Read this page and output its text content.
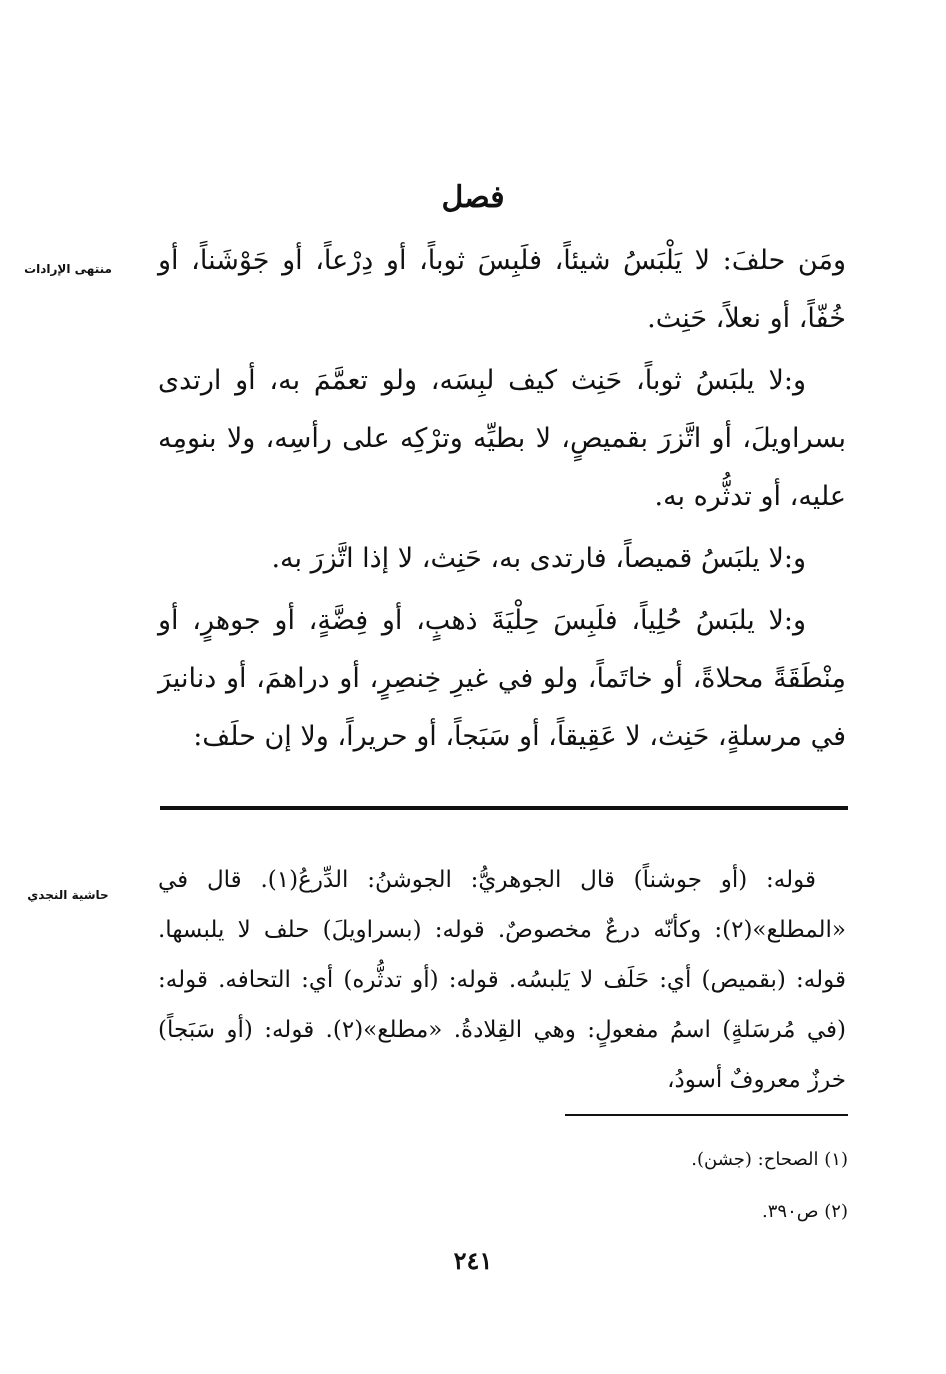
فصل
منتهى الإرادات ومَن حلفَ: لا يَلْبَسُ شيئاً، فلَبِسَ ثوباً، أو دِرْعاً، أو جَوْشَناً، أو خُفّاً، أو نعلاً، حَنِث.

و:لا يلبَسُ ثوباً، حَنِث كيف لبِسَه، ولو تعمَّمَ به، أو ارتدى بسراويلَ، أو اتَّزرَ بقميصٍ، لا بطيِّه وترْكِه على رأسِه، ولا بنومِه عليه، أو تدثُّره به.

و:لا يلبَسُ قميصاً، فارتدى به، حَنِث، لا إذا اتَّزرَ به.

و:لا يلبَسُ حُلِياً، فلَبِسَ حِلْيَةَ ذهبٍ، أو فِضَّةٍ، أو جوهرٍ، أو مِنْطَقَةً محلاةً، أو خاتَماً، ولو في غيرِ خِنصِرٍ، أو دراهمَ، أو دنانيرَ في مرسلةٍ، حَنِث، لا عَقِيقاً، أو سَبَجاً، أو حريراً، ولا إن حلَف:

حاشية النجدي

قوله: (أو جوشناً) قال الجوهريُّ: الجوشنُ: الدِّرعُ(١). قال في «المطلع»(٢): وكأنّه درعٌ مخصوصٌ. قوله: (بسراويلَ) حلف لا يلبسها. قوله: (بقميص) أي: حَلَف لا يَلبسُه. قوله: (أو تدثُّره) أي: التحافه. قوله: (في مُرسَلةٍ) اسمُ مفعولٍ: وهي القِلادةُ. «مطلع»(٢). قوله: (أو سَبَجاً) خرزٌ معروفٌ أسودُ،

(١) الصحاح: (جشن).
(٢) ص٣٩٠.
٢٤١
